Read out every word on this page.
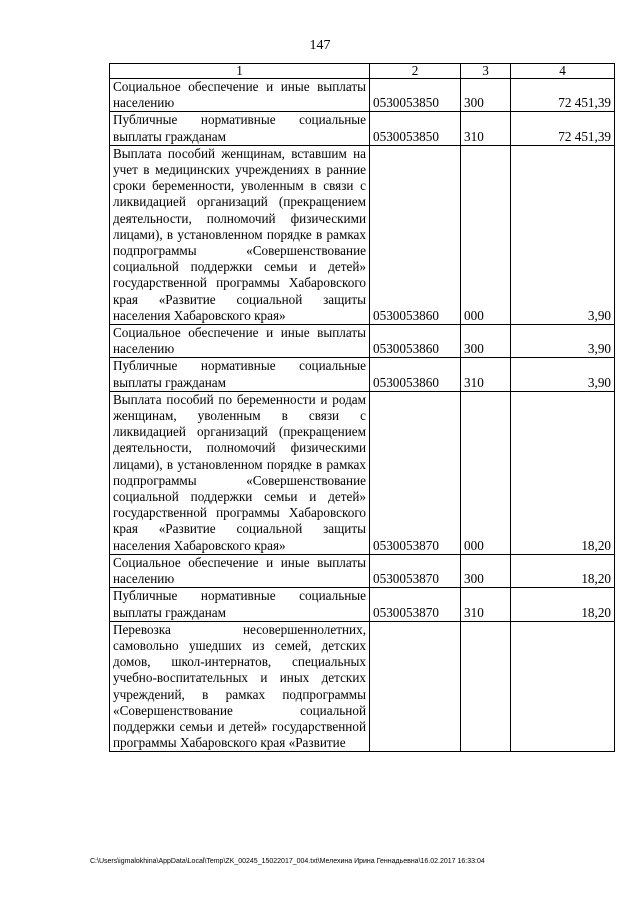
147
1	2	3	4
Социальное обеспечение и иные выплаты населению	0530053850	300	72 451,39
Публичные нормативные социальные выплаты гражданам	0530053850	310	72 451,39
Выплата пособий женщинам, вставшим на учет в медицинских учреждениях в ранние сроки беременности, уволенным в связи с ликвидацией организаций (прекращением деятельности, полномочий физическими лицами), в установленном порядке в рамках подпрограммы «Совершенствование социальной поддержки семьи и детей» государственной программы Хабаровского края «Развитие социальной защиты населения Хабаровского края»	0530053860	000	3,90
Социальное обеспечение и иные выплаты населению	0530053860	300	3,90
Публичные нормативные социальные выплаты гражданам	0530053860	310	3,90
Выплата пособий по беременности и родам женщинам, уволенным в связи с ликвидацией организаций (прекращением деятельности, полномочий физическими лицами), в установленном порядке в рамках подпрограммы «Совершенствование социальной поддержки семьи и детей» государственной программы Хабаровского края «Развитие социальной защиты населения Хабаровского края»	0530053870	000	18,20
Социальное обеспечение и иные выплаты населению	0530053870	300	18,20
Публичные нормативные социальные выплаты гражданам	0530053870	310	18,20
Перевозка несовершеннолетних, самовольно ушедших из семей, детских домов, школ-интернатов, специальных учебно-воспитательных и иных детских учреждений, в рамках подпрограммы «Совершенствование социальной поддержки семьи и детей» государственной программы Хабаровского края «Развитие			
C:\Users\igmalokhina\AppData\Local\Temp\ZK_00245_15022017_004.txt\Мелехина Ирина Геннадьевна\16.02.2017 16:33:04
